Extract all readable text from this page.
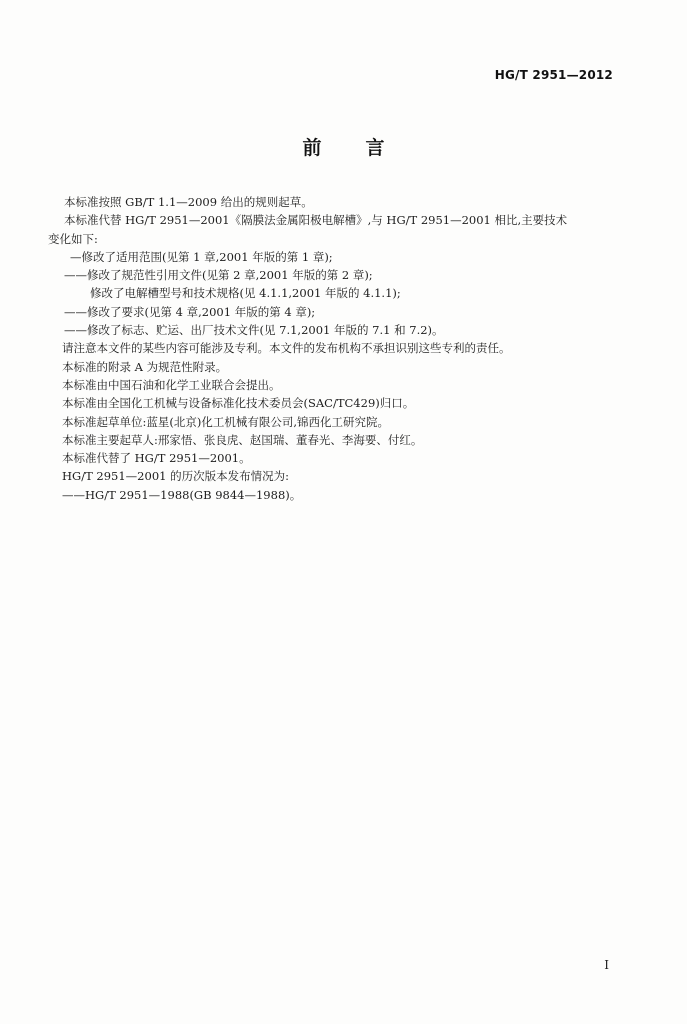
HG/T 2951—2012
前言

本标准按照 GB/T 1.1—2009 给出的规则起草。

本标准代替 HG/T 2951—2001《隔膜法金属阳极电解槽》,与 HG/T 2951—2001 相比,主要技术

变化如下:

—修改了适用范围(见第 1 章,2001 年版的第 1 章);

——修改了规范性引用文件(见第 2 章,2001 年版的第 2 章);

修改了电解槽型号和技术规格(见 4.1.1,2001 年版的 4.1.1);

——修改了要求(见第 4 章,2001 年版的第 4 章);

——修改了标志、贮运、出厂技术文件(见 7.1,2001 年版的 7.1 和 7.2)。

请注意本文件的某些内容可能涉及专利。本文件的发布机构不承担识别这些专利的责任。

本标准的附录 A 为规范性附录。

本标准由中国石油和化学工业联合会提出。

本标准由全国化工机械与设备标准化技术委员会(SAC/TC429)归口。

本标准起草单位:蓝星(北京)化工机械有限公司,锦西化工研究院。

本标准主要起草人:邢家悟、张良虎、赵国瑞、董春光、李海要、付红。

本标准代替了 HG/T 2951—2001。

HG/T 2951—2001 的历次版本发布情况为:

——HG/T 2951—1988(GB 9844—1988)。

I
